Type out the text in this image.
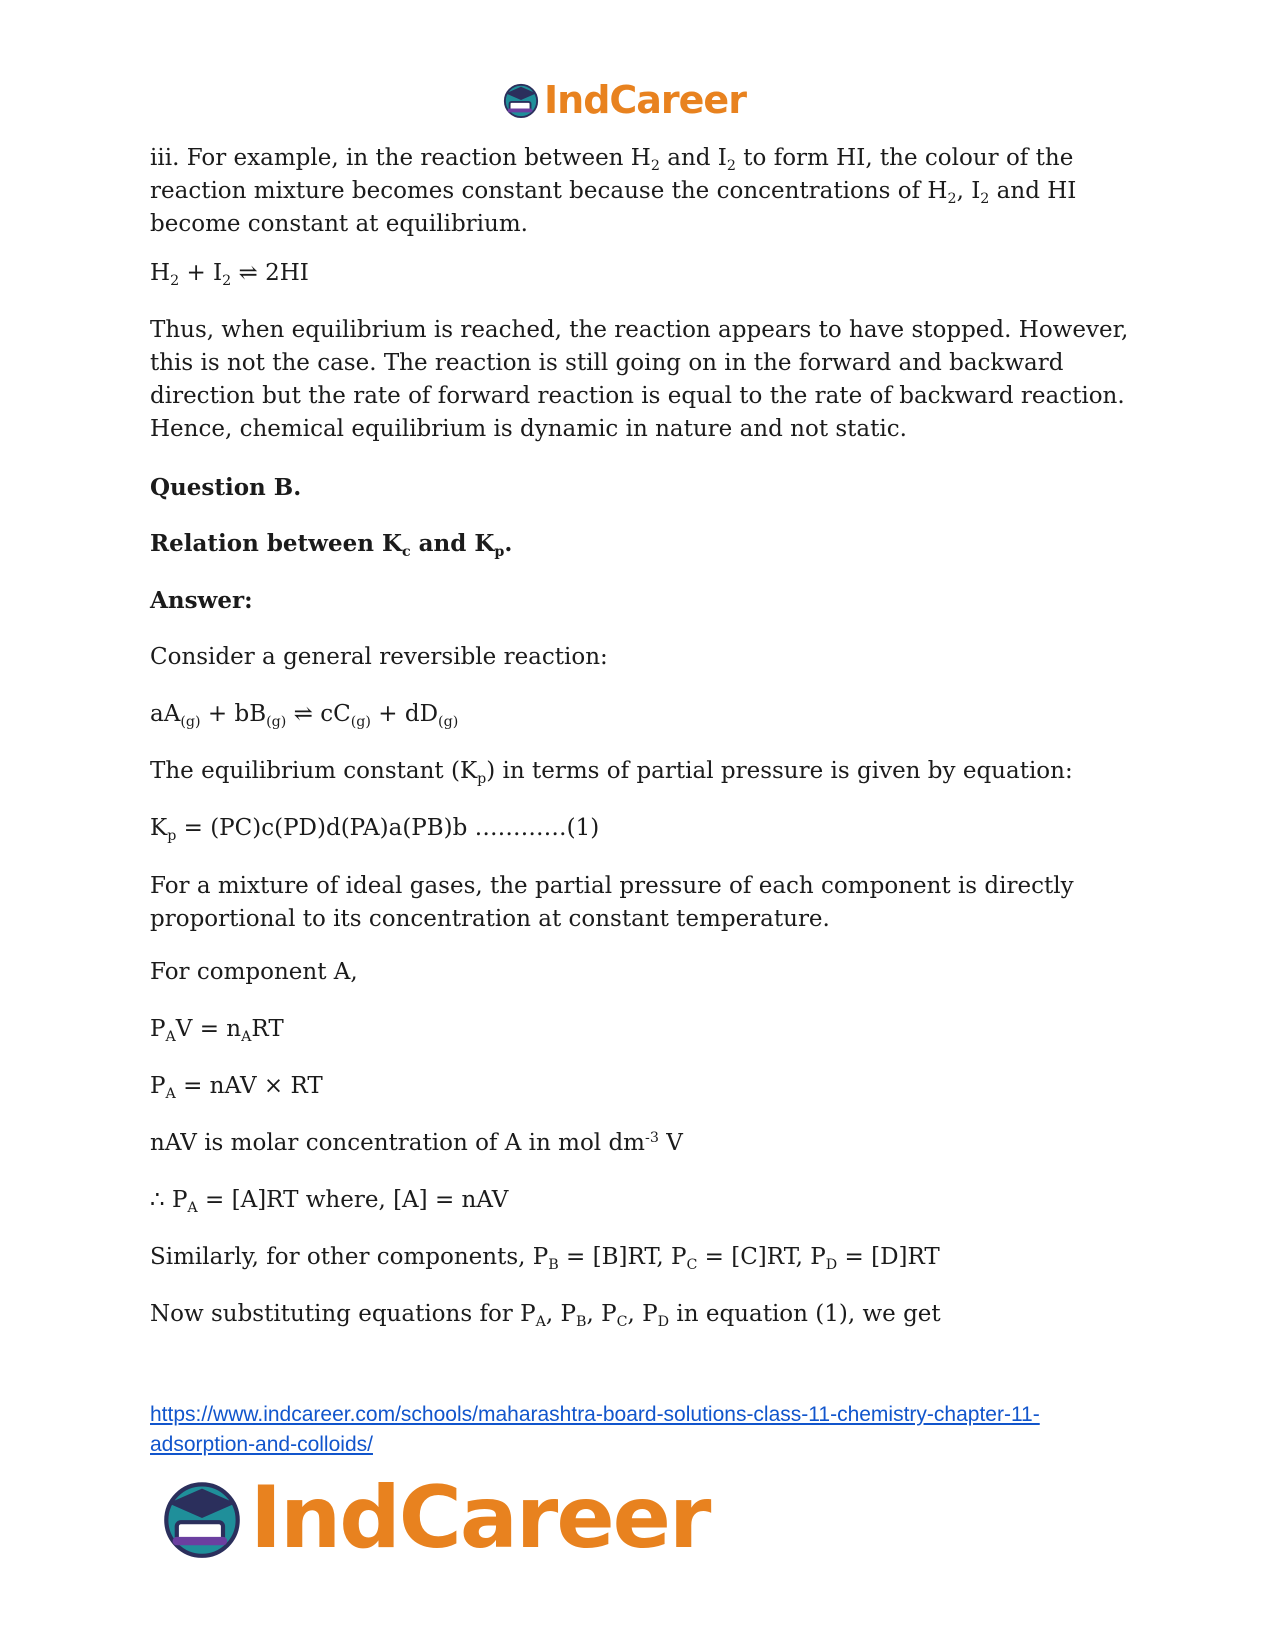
IndCareer

iii. For example, in the reaction between $H_2$ and $I_2$ to form HI, the colour of the reaction mixture becomes constant because the concentrations of $H_2$, $I_2$ and HI become constant at equilibrium.

$H_2 + I_2$ ⇌ 2HI

Thus, when equilibrium is reached, the reaction appears to have stopped. However, this is not the case. The reaction is still going on in the forward and backward direction but the rate of forward reaction is equal to the rate of backward reaction. Hence, chemical equilibrium is dynamic in nature and not static.

Question B.

Relation between $K_c$ and $K_p$.

Answer:

Consider a general reversible reaction:

$aA_{(g)} + bB_{(g)}$ ⇌ $cC_{(g)} + dD_{(g)}$

The equilibrium constant $(K_p)$ in terms of partial pressure is given by equation:

$K_p = (PC)c(PD)d(PA)a(PB)b$ …………(1)

For a mixture of ideal gases, the partial pressure of each component is directly proportional to its concentration at constant temperature.

For component A,

$P_AV = n_ART$

$P_A$ = nAV × RT

nAV is molar concentration of A in mol $dm^{-3}$ V

∴ $P_A = [A]RT$ where, [A] = nAV

Similarly, for other components, $P_B = [B]RT$, $P_C = [C]RT$, $P_D = [D]RT$

Now substituting equations for $P_A$, $P_B$, $P_C$, $P_D$ in equation (1), we get

https://www.indcareer.com/schools/maharashtra-board-solutions-class-11-chemistry-chapter-11-adsorption-and-colloids/
IndCareer
